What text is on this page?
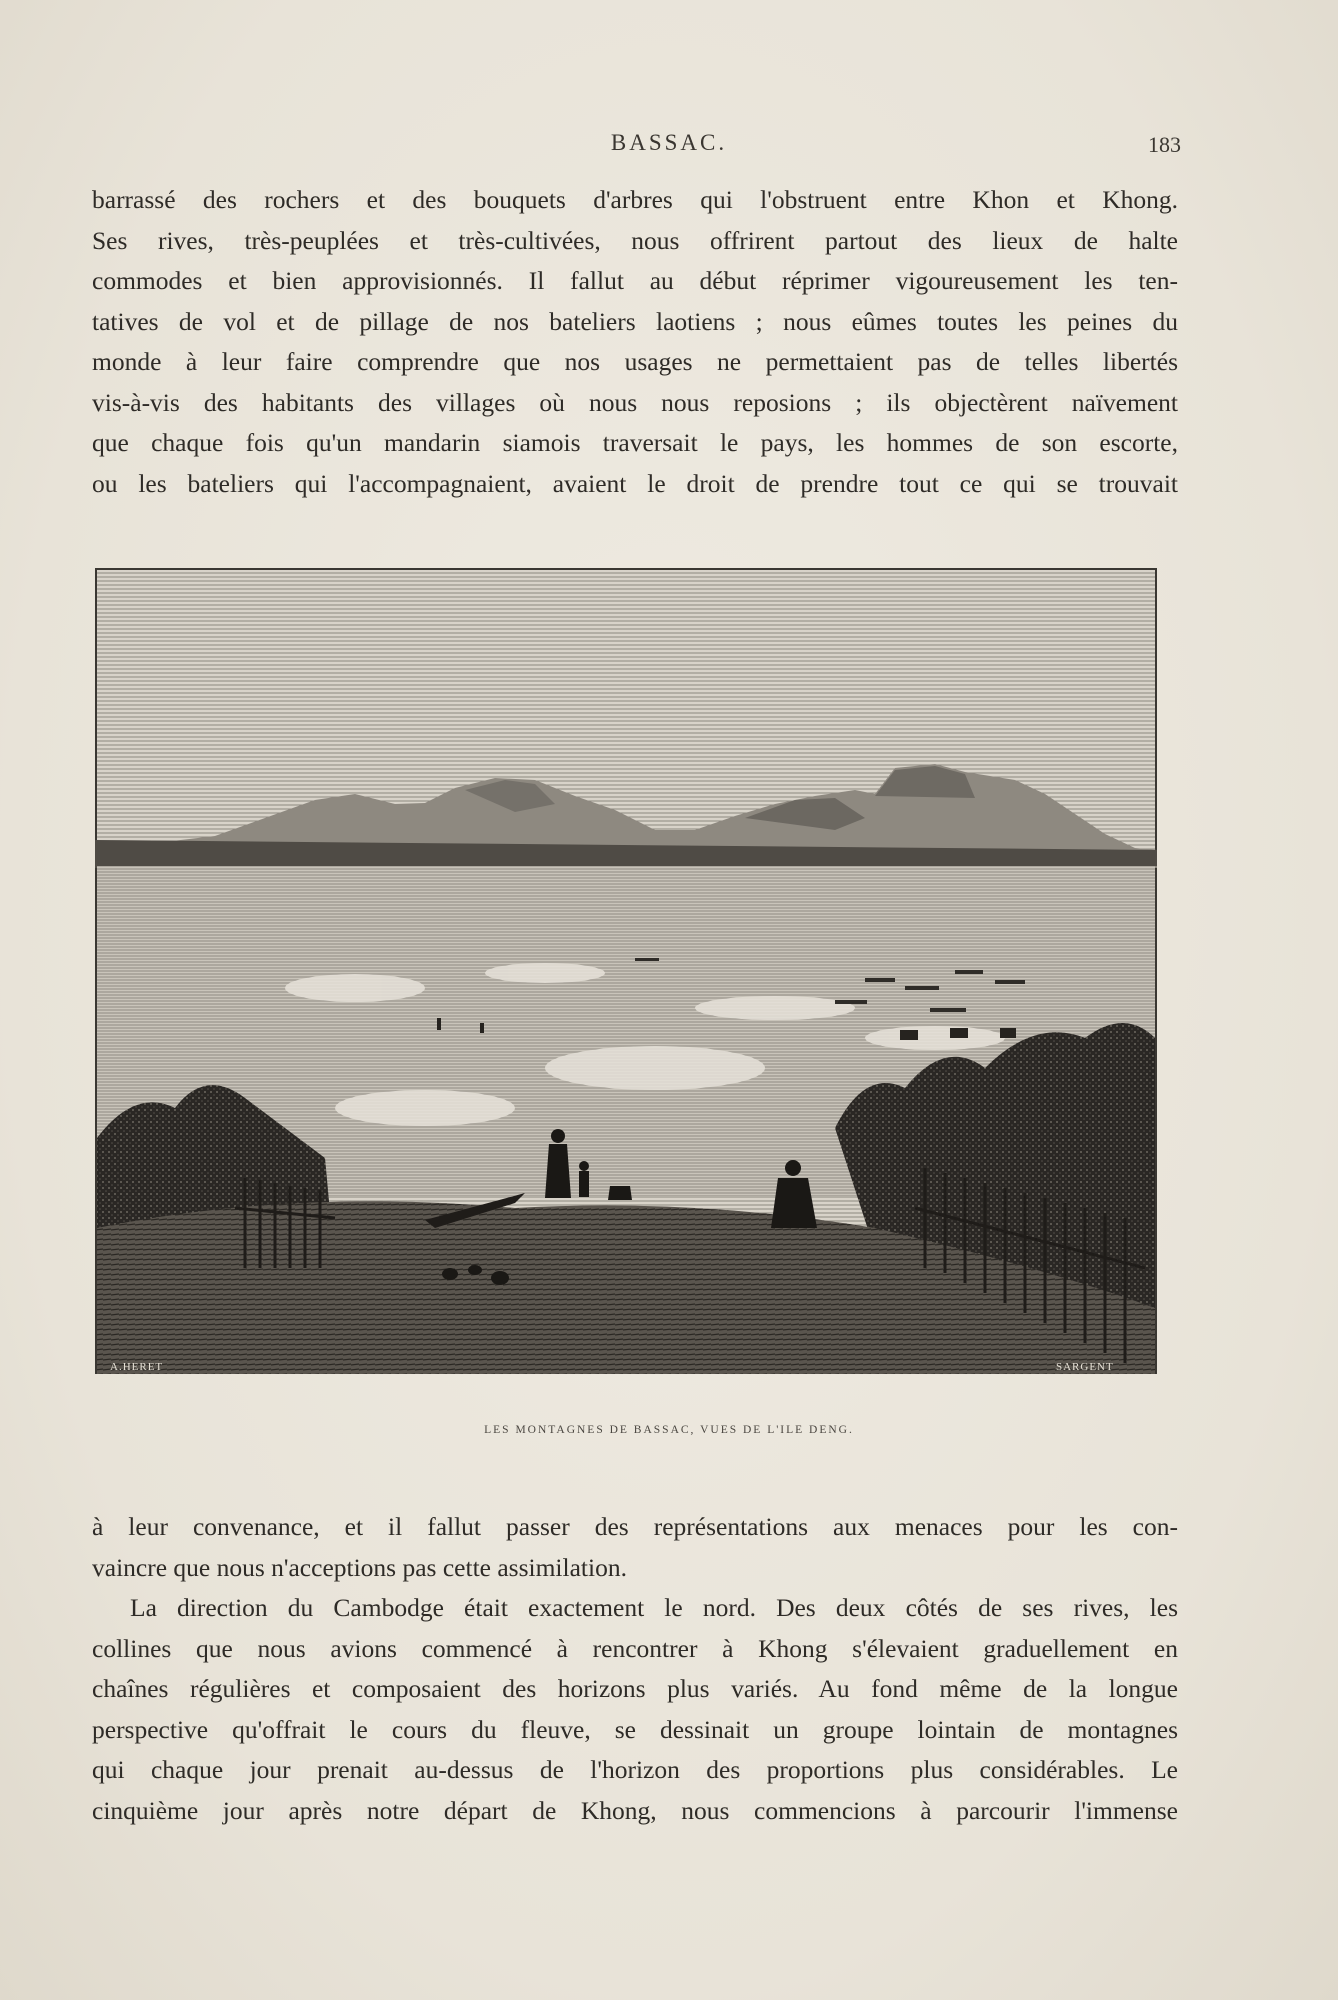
BASSAC.	183
barrassé des rochers et des bouquets d'arbres qui l'obstruent entre Khon et Khong.
Ses rives, très-peuplées et très-cultivées, nous offrirent partout des lieux de halte
commodes et bien approvisionnés. Il fallut au début réprimer vigoureusement les ten-
tatives de vol et de pillage de nos bateliers laotiens ; nous eûmes toutes les peines du
monde à leur faire comprendre que nos usages ne permettaient pas de telles libertés
vis-à-vis des habitants des villages où nous nous reposions ; ils objectèrent naïvement
que chaque fois qu'un mandarin siamois traversait le pays, les hommes de son escorte,
ou les bateliers qui l'accompagnaient, avaient le droit de prendre tout ce qui se trouvait
A.HERET	SARGENT
LES MONTAGNES DE BASSAC, VUES DE L'ILE DENG.
à leur convenance, et il fallut passer des représentations aux menaces pour les con-
vaincre que nous n'acceptions pas cette assimilation.
La direction du Cambodge était exactement le nord. Des deux côtés de ses rives, les
collines que nous avions commencé à rencontrer à Khong s'élevaient graduellement en
chaînes régulières et composaient des horizons plus variés. Au fond même de la longue
perspective qu'offrait le cours du fleuve, se dessinait un groupe lointain de montagnes
qui chaque jour prenait au-dessus de l'horizon des proportions plus considérables. Le
cinquième jour après notre départ de Khong, nous commencions à parcourir l'immense
